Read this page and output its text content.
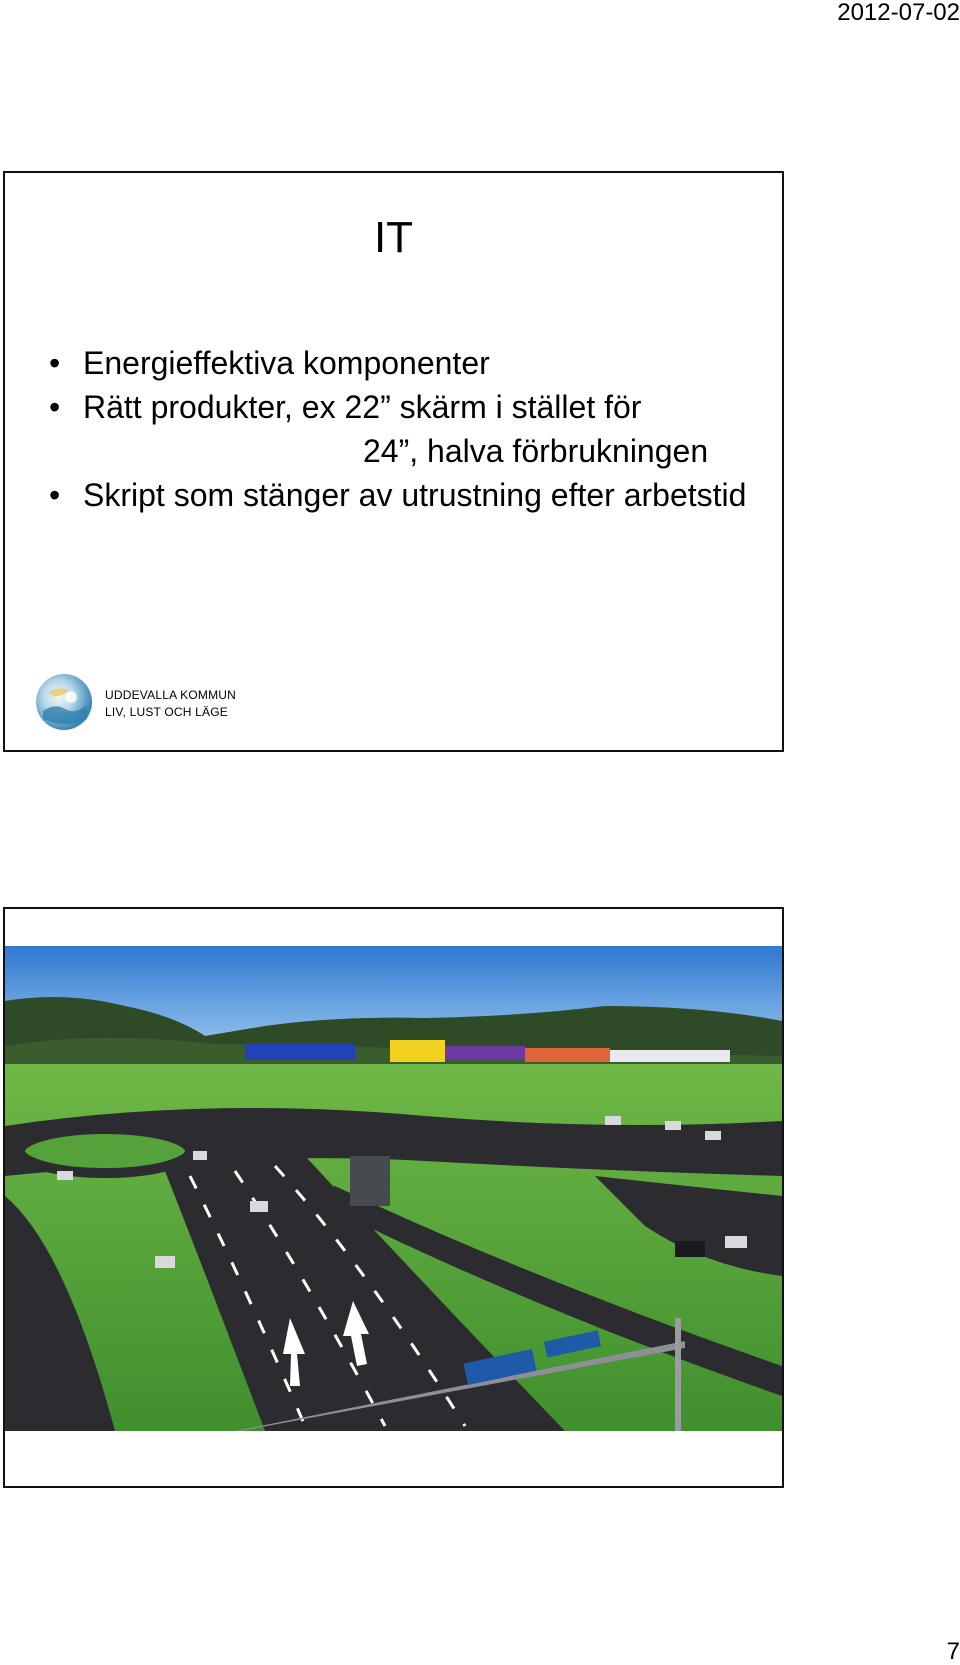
2012-07-02
IT
• Energieffektiva komponenter
• Rätt produkter, ex 22” skärm i stället för
24”, halva förbrukningen
• Skript som stänger av utrustning efter arbetstid
UDDEVALLA KOMMUN
LIV, LUST OCH LÄGE
7
